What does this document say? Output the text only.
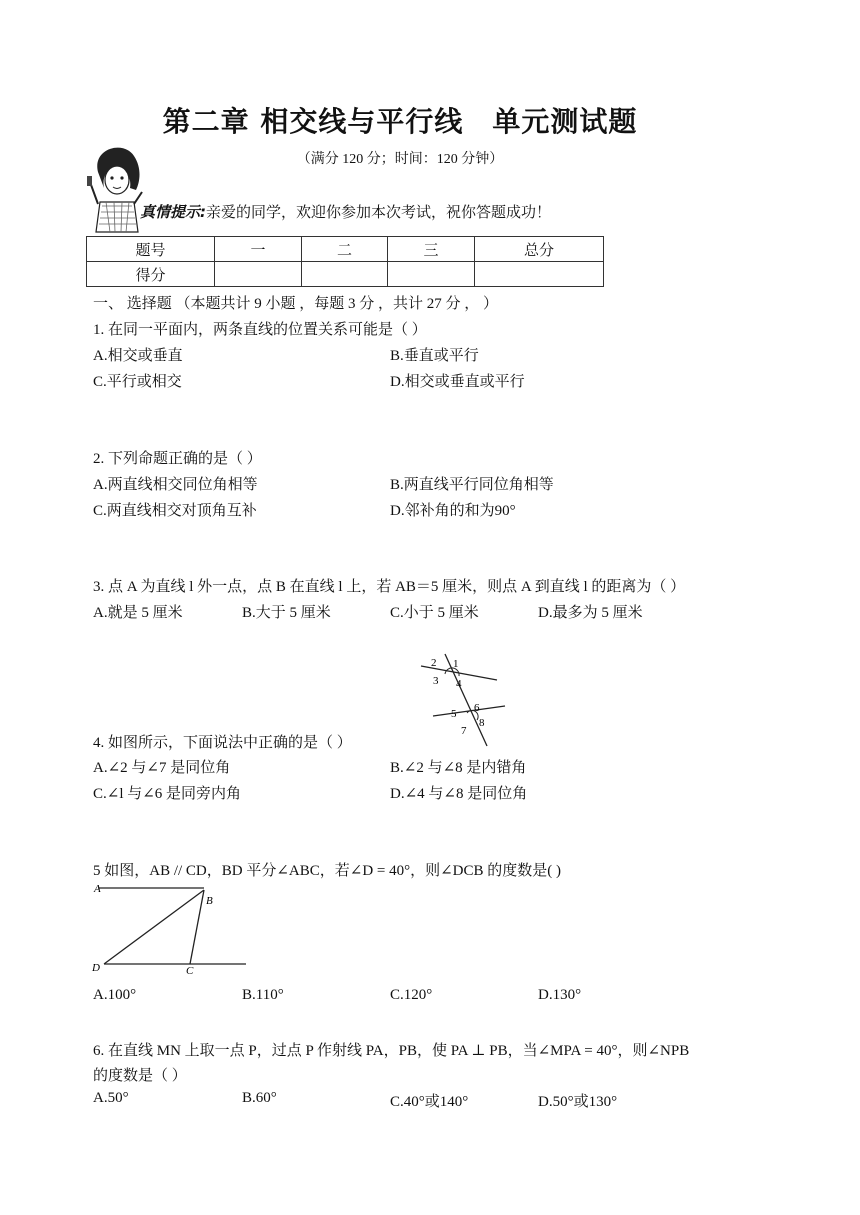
第二章 相交线与平行线　单元测试题
（满分 120 分；时间：120 分钟）
真情提示:亲爱的同学，欢迎你参加本次考试，祝你答题成功！
题号	一	二	三	总分
得分				
一、 选择题 （本题共计 9 小题 ，每题 3 分 ，共计 27 分 ， ）
1. 在同一平面内，两条直线的位置关系可能是（ ）
A.相交或垂直	B.垂直或平行
C.平行或相交	D.相交或垂直或平行
2. 下列命题正确的是（ ）
A.两直线相交同位角相等	B.两直线平行同位角相等
C.两直线相交对顶角互补	D.邻补角的和为90°
3. 点 A 为直线 l 外一点，点 B 在直线 l 上，若 AB＝5 厘米，则点 A 到直线 l 的距离为（ ）
A.就是 5 厘米	B.大于 5 厘米	C.小于 5 厘米	D.最多为 5 厘米
2 1
3 4
5 6
8
7
4. 如图所示，下面说法中正确的是（ ）
A.∠2 与∠7 是同位角	B.∠2 与∠8 是内错角
C.∠l 与∠6 是同旁内角	D.∠4 与∠8 是同位角
5 如图，AB // CD，BD 平分∠ABC，若∠D = 40°，则∠DCB 的度数是( )
A
B
D	C
A.100°	B.110°	C.120°	D.130°
6. 在直线 MN 上取一点 P，过点 P 作射线 PA，PB，使 PA ⊥ PB，当∠MPA = 40°，则∠NPB
的度数是（ ）
A.50°	B.60°	C.40°或140°	D.50°或130°
